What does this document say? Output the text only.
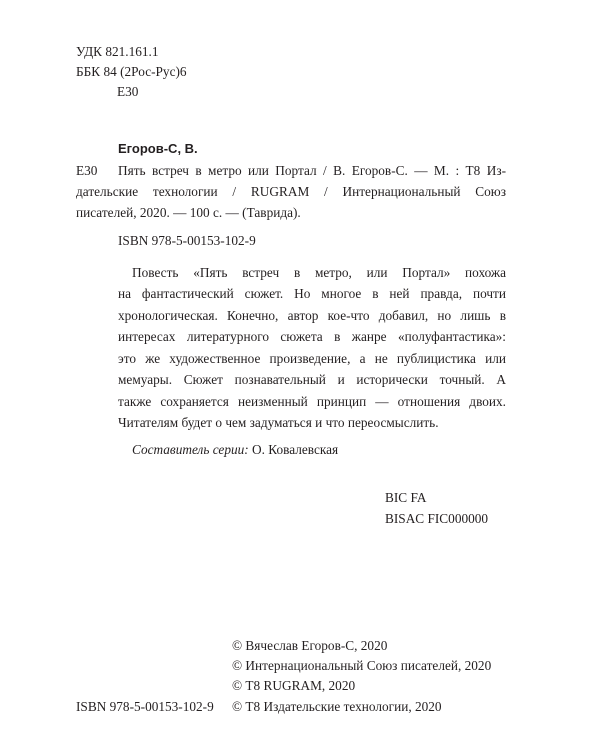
УДК 821.161.1
ББК 84 (2Рос-Рус)6
Е30
Егоров-С, В.
Е30 Пять встреч в метро или Портал / В. Егоров-С. — М. : Т8 Из-
дательские технологии / RUGRAM / Интернациональный Союз
писателей, 2020. — 100 с. — (Таврида).
ISBN 978-5-00153-102-9
Повесть «Пять встреч в метро, или Портал» похожа
на фантастический сюжет. Но многое в ней правда, почти
хронологическая. Конечно, автор кое-что добавил, но лишь в
интересах литературного сюжета в жанре «полуфантастика»:
это же художественное произведение, а не публицистика или
мемуары. Сюжет познавательный и исторически точный. А
также сохраняется неизменный принцип — отношения двоих.
Читателям будет о чем задуматься и что переосмыслить.
Составитель серии: О. Ковалевская
BIC FA
BISAC FIC000000
© Вячеслав Егоров-С, 2020
© Интернациональный Союз писателей, 2020
© Т8 RUGRAM, 2020
ISBN 978-5-00153-102-9 © Т8 Издательские технологии, 2020
